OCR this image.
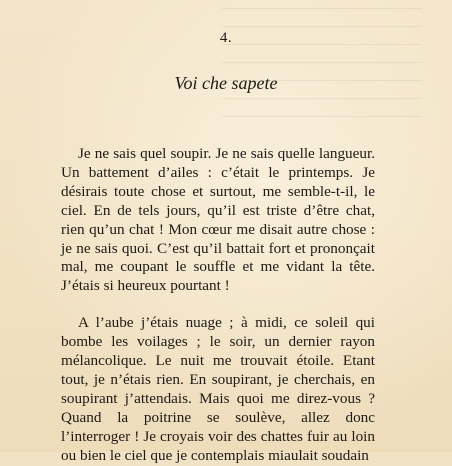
4.
Voi che sapete

Je ne sais quel soupir. Je ne sais quelle langueur. Un battement d’ailes : c’était le printemps. Je désirais toute chose et surtout, me semble-t-il, le ciel. En de tels jours, qu’il est triste d’être chat, rien qu’un chat ! Mon cœur me disait autre chose : je ne sais quoi. C’est qu’il battait fort et prononçait mal, me coupant le souffle et me vidant la tête. J’étais si heureux pourtant !

A l’aube j’étais nuage ; à midi, ce soleil qui bombe les voilages ; le soir, un dernier rayon mélancolique. Le nuit me trouvait étoile. Etant tout, je n’étais rien. En soupirant, je cherchais, en soupirant j’attendais. Mais quoi me direz-vous ? Quand la poitrine se soulève, allez donc l’interroger ! Je croyais voir des chattes fuir au loin ou bien le ciel que je contemplais miaulait soudain
